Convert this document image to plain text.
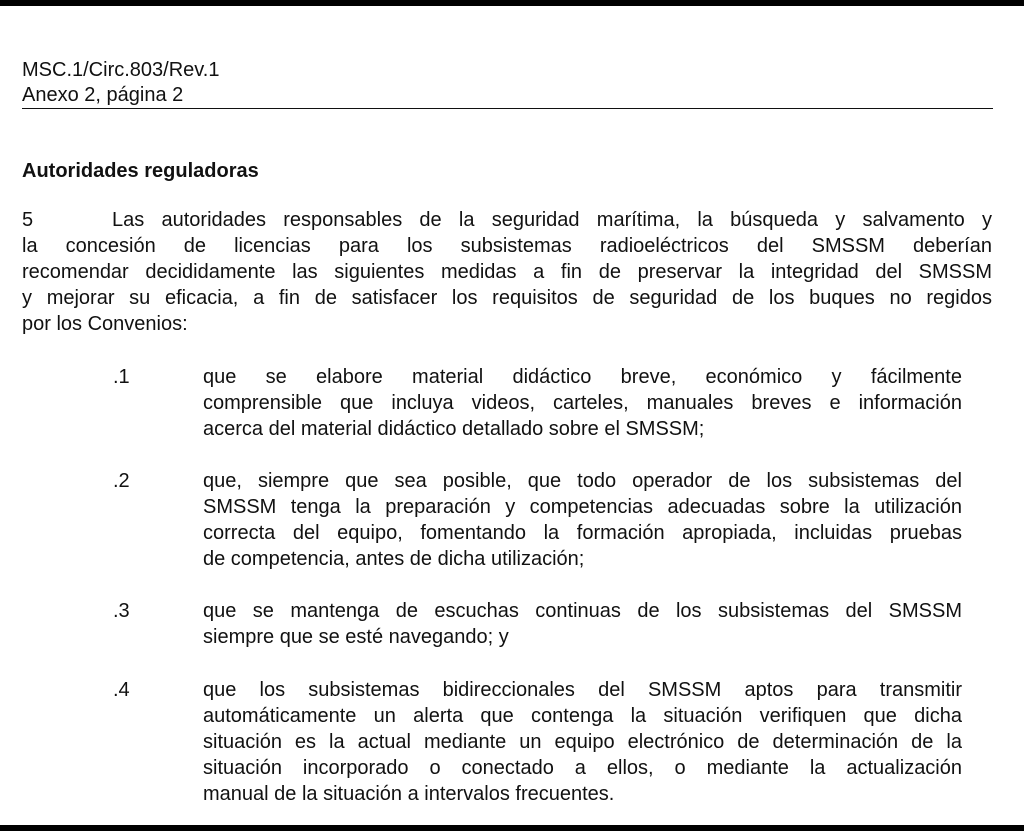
MSC.1/Circ.803/Rev.1
Anexo 2, página 2
Autoridades reguladoras
5	Las autoridades responsables de la seguridad marítima, la búsqueda y salvamento y
la concesión de licencias para los subsistemas radioeléctricos del SMSSM deberían
recomendar decididamente las siguientes medidas a fin de preservar la integridad del SMSSM
y mejorar su eficacia, a fin de satisfacer los requisitos de seguridad de los buques no regidos
por los Convenios:
.1	que se elabore material didáctico breve, económico y fácilmente
comprensible que incluya videos, carteles, manuales breves e información
acerca del material didáctico detallado sobre el SMSSM;
.2	que, siempre que sea posible, que todo operador de los subsistemas del
SMSSM tenga la preparación y competencias adecuadas sobre la utilización
correcta del equipo, fomentando la formación apropiada, incluidas pruebas
de competencia, antes de dicha utilización;
.3	que se mantenga de escuchas continuas de los subsistemas del SMSSM
siempre que se esté navegando; y
.4	que los subsistemas bidireccionales del SMSSM aptos para transmitir
automáticamente un alerta que contenga la situación verifiquen que dicha
situación es la actual mediante un equipo electrónico de determinación de la
situación incorporado o conectado a ellos, o mediante la actualización
manual de la situación a intervalos frecuentes.
